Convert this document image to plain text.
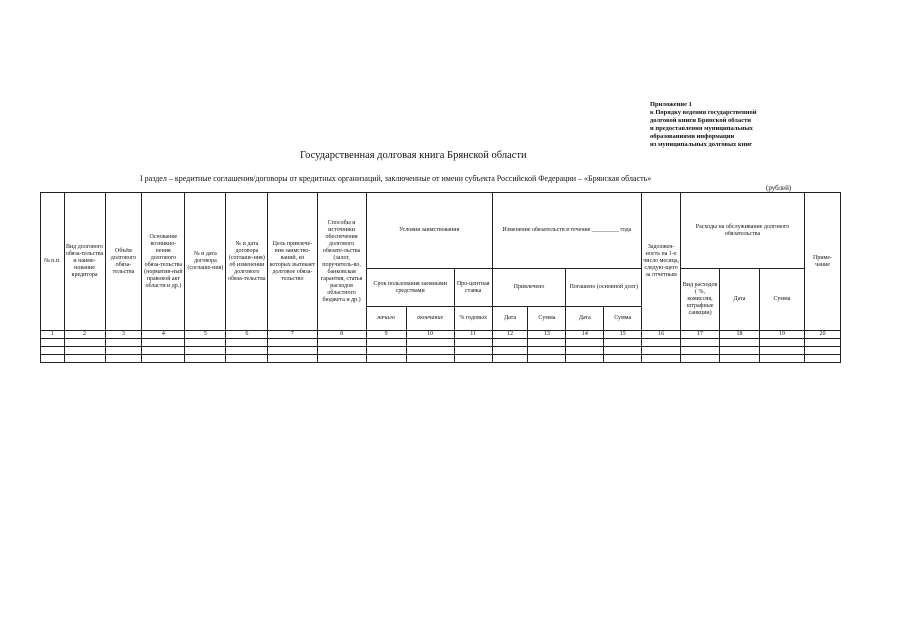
Приложение 1
к Порядку ведения государственной
долговой книги Брянской области
и предоставления муниципальных
образованиями информации
из муниципальных долговых книг
Государственная долговая книга Брянской области
I раздел – кредитные соглашения/договоры от кредитных организаций, заключенные от имени субъекта Российской Федерации – «Брянская область»
(рублей)
№ п.п.	Вид долгового обяза-тельства и наиме-нование кредитора	Объём долгового обяза-тельства	Основание возникно-вения долгового обяза-тельства (норматив-ный правовой акт области и др.)	№ и дата договора (соглаше-ния)	№ и дата договора (соглаше-ния) об изменении долгового обяза-тельства	Цель привлече-ния заимство-ваний, из которых вытекает долговое обяза-тельство	Способы и источники обеспечения долгового обязате-льства (залог, поручитель-во, банковская гарантия, статья расходов областного бюджета и др.)	Условия заимствования			Изменение обязательств в течение _________ года				Задолжен-ность на 1-е число месяца, следую-щего за отчетным	Расходы на обслуживание долгового обязательства			Приме-чание
								Срок пользования заемными средствами		Про-центная ставка	Привлечено		Погашено (основной долг)			Вид расходов ( %, комиссия, штрафные санкции)	Дата	Сумма	
								начало	окончание	% годовых	Дата	Сумма	Дата	Сумма					
1	2	3	4	5	6	7	8	9	10	11	12	13	14	15	16	17	18	19	20
